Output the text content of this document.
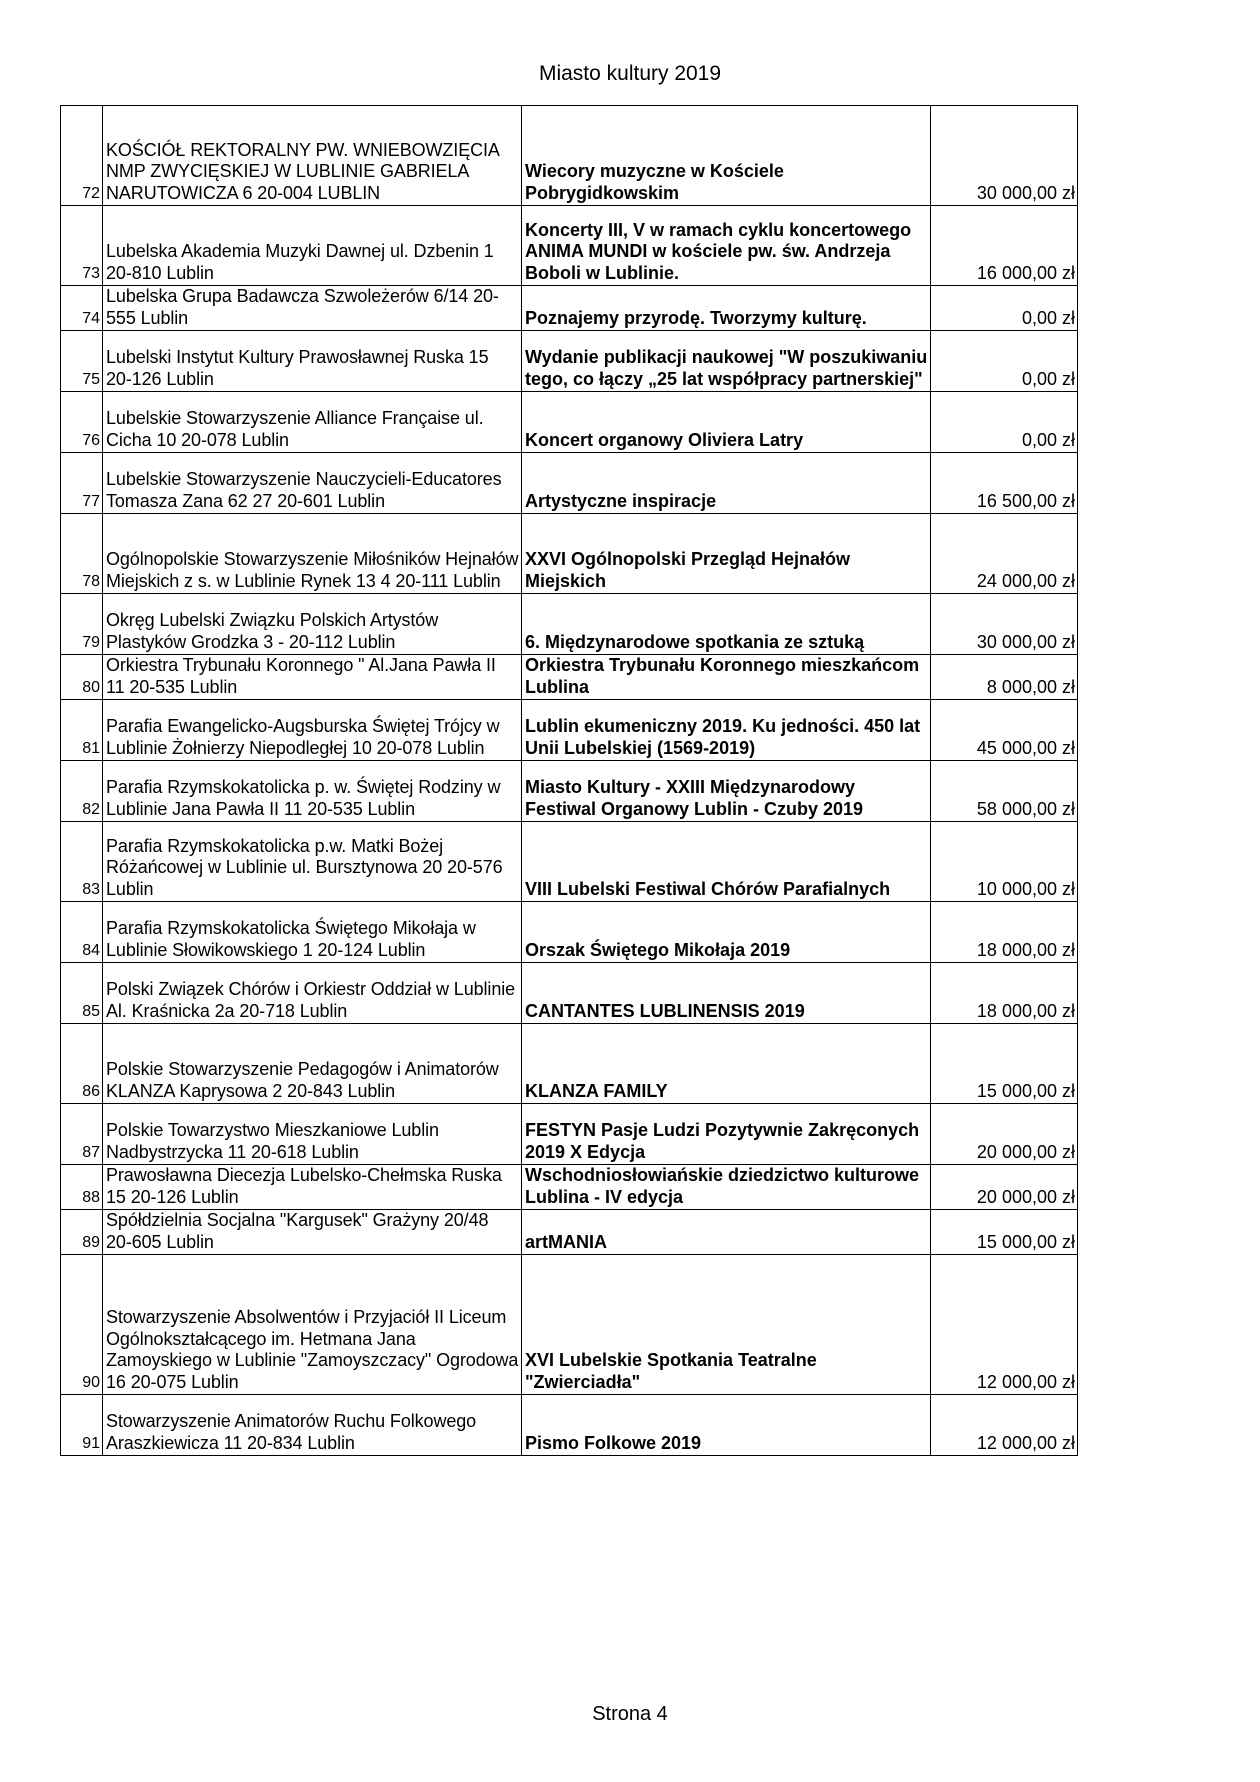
Miasto kultury 2019
72	KOŚCIÓŁ REKTORALNY PW. WNIEBOWZIĘCIA NMP ZWYCIĘSKIEJ W LUBLINIE GABRIELA NARUTOWICZA 6 20-004 LUBLIN	Wiecory muzyczne w Kościele Pobrygidkowskim	30 000,00 zł
73	Lubelska Akademia Muzyki Dawnej ul. Dzbenin 1 20-810 Lublin	Koncerty III, V w ramach cyklu koncertowego ANIMA MUNDI w kościele pw. św. Andrzeja Boboli w Lublinie.	16 000,00 zł
74	Lubelska Grupa Badawcza Szwoleżerów 6/14 20-555 Lublin	Poznajemy przyrodę. Tworzymy kulturę.	0,00 zł
75	Lubelski Instytut Kultury Prawosławnej Ruska 15 20-126 Lublin	Wydanie publikacji naukowej "W poszukiwaniu tego, co łączy „25 lat współpracy partnerskiej"	0,00 zł
76	Lubelskie Stowarzyszenie Alliance Française ul. Cicha 10 20-078 Lublin	Koncert organowy Oliviera Latry	0,00 zł
77	Lubelskie Stowarzyszenie Nauczycieli-Educatores Tomasza Zana 62 27 20-601 Lublin	Artystyczne inspiracje	16 500,00 zł
78	Ogólnopolskie Stowarzyszenie Miłośników Hejnałów Miejskich z s. w Lublinie Rynek 13 4 20-111 Lublin	XXVI Ogólnopolski Przegląd Hejnałów Miejskich	24 000,00 zł
79	Okręg Lubelski Związku Polskich Artystów Plastyków Grodzka 3 - 20-112 Lublin	6. Międzynarodowe spotkania ze sztuką	30 000,00 zł
80	Orkiestra Trybunału Koronnego " Al.Jana Pawła II 11 20-535 Lublin	Orkiestra Trybunału Koronnego mieszkańcom Lublina	8 000,00 zł
81	Parafia Ewangelicko-Augsburska Świętej Trójcy w Lublinie Żołnierzy Niepodległej 10 20-078 Lublin	Lublin ekumeniczny 2019. Ku jedności. 450 lat Unii Lubelskiej (1569-2019)	45 000,00 zł
82	Parafia Rzymskokatolicka p. w. Świętej Rodziny w Lublinie Jana Pawła II 11 20-535 Lublin	Miasto Kultury - XXIII Międzynarodowy Festiwal Organowy Lublin - Czuby 2019	58 000,00 zł
83	Parafia Rzymskokatolicka p.w. Matki Bożej Różańcowej w Lublinie ul. Bursztynowa 20 20-576 Lublin	VIII Lubelski Festiwal Chórów Parafialnych	10 000,00 zł
84	Parafia Rzymskokatolicka Świętego Mikołaja w Lublinie Słowikowskiego 1 20-124 Lublin	Orszak Świętego Mikołaja 2019	18 000,00 zł
85	Polski Związek Chórów i Orkiestr Oddział w Lublinie Al. Kraśnicka 2a 20-718 Lublin	CANTANTES LUBLINENSIS 2019	18 000,00 zł
86	Polskie Stowarzyszenie Pedagogów i Animatorów KLANZA Kaprysowa 2 20-843 Lublin	KLANZA FAMILY	15 000,00 zł
87	Polskie Towarzystwo Mieszkaniowe Lublin Nadbystrzycka 11 20-618 Lublin	FESTYN Pasje Ludzi Pozytywnie Zakręconych 2019 X Edycja	20 000,00 zł
88	Prawosławna Diecezja Lubelsko-Chełmska Ruska 15 20-126 Lublin	Wschodniosłowiańskie dziedzictwo kulturowe Lublina - IV edycja	20 000,00 zł
89	Spółdzielnia Socjalna "Kargusek" Grażyny 20/48 20-605 Lublin	artMANIA	15 000,00 zł
90	Stowarzyszenie Absolwentów i Przyjaciół II Liceum Ogólnokształcącego im. Hetmana Jana Zamoyskiego w Lublinie "Zamoyszczacy" Ogrodowa 16 20-075 Lublin	XVI Lubelskie Spotkania Teatralne "Zwierciadła"	12 000,00 zł
91	Stowarzyszenie Animatorów Ruchu Folkowego Araszkiewicza 11 20-834 Lublin	Pismo Folkowe 2019	12 000,00 zł
Strona 4
